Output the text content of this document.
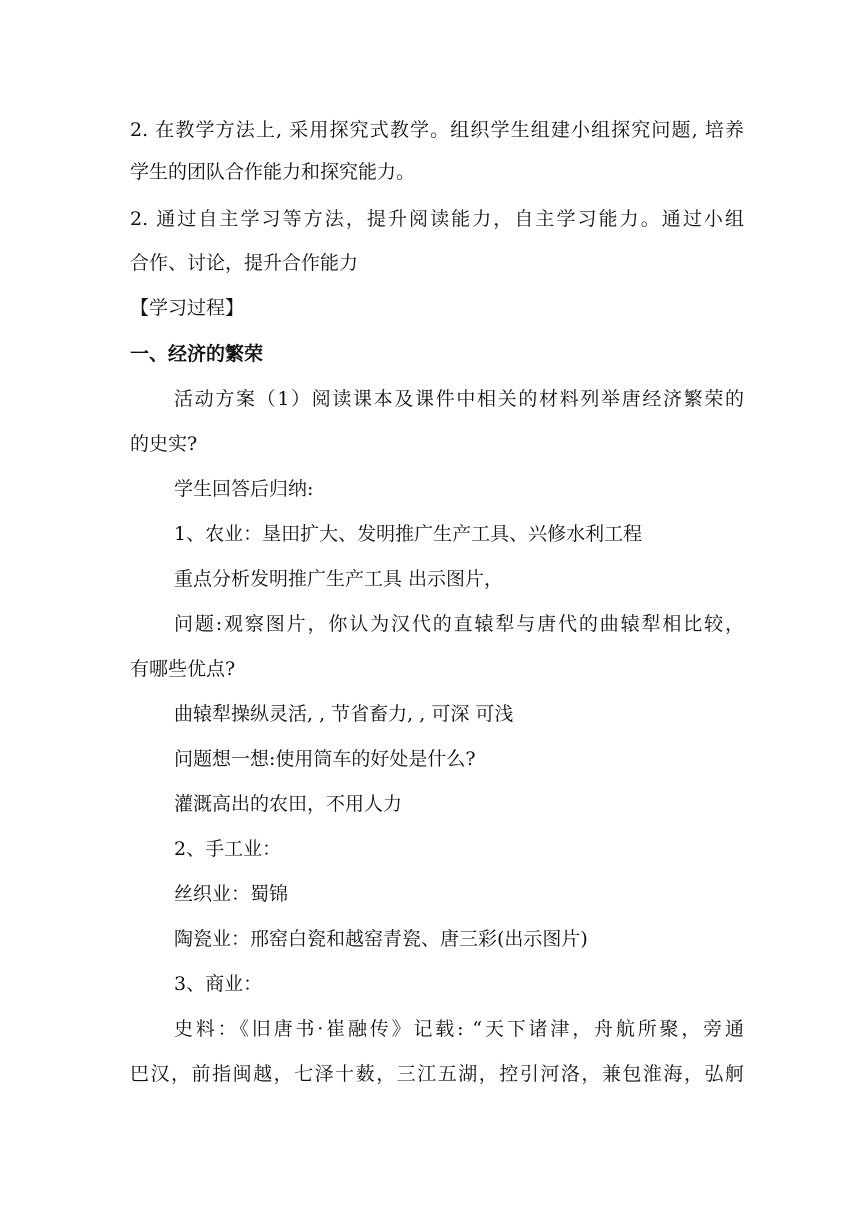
2. 在教学方法上, 采用探究式教学。组织学生组建小组探究问题, 培养
学生的团队合作能力和探究能力。
2. 通过自主学习等方法，提升阅读能力，自主学习能力。通过小组
合作、讨论，提升合作能力
【学习过程】
一、经济的繁荣
活动方案（1）阅读课本及课件中相关的材料列举唐经济繁荣的
的史实?
学生回答后归纳:
1、农业：垦田扩大、发明推广生产工具、兴修水利工程
重点分析发明推广生产工具 出示图片，
问题:观察图片，你认为汉代的直辕犁与唐代的曲辕犁相比较，
有哪些优点?
曲辕犁操纵灵活, , 节省畜力, , 可深 可浅
问题想一想:使用筒车的好处是什么?
灌溉高出的农田，不用人力
2、手工业：
丝织业：蜀锦
陶瓷业：邢窑白瓷和越窑青瓷、唐三彩(出示图片)
3、商业：
史料：《旧唐书·崔融传》记载: “天下诸津，舟航所聚，旁通
巴汉，前指闽越，七泽十薮，三江五湖，控引河洛，兼包淮海，弘舸
